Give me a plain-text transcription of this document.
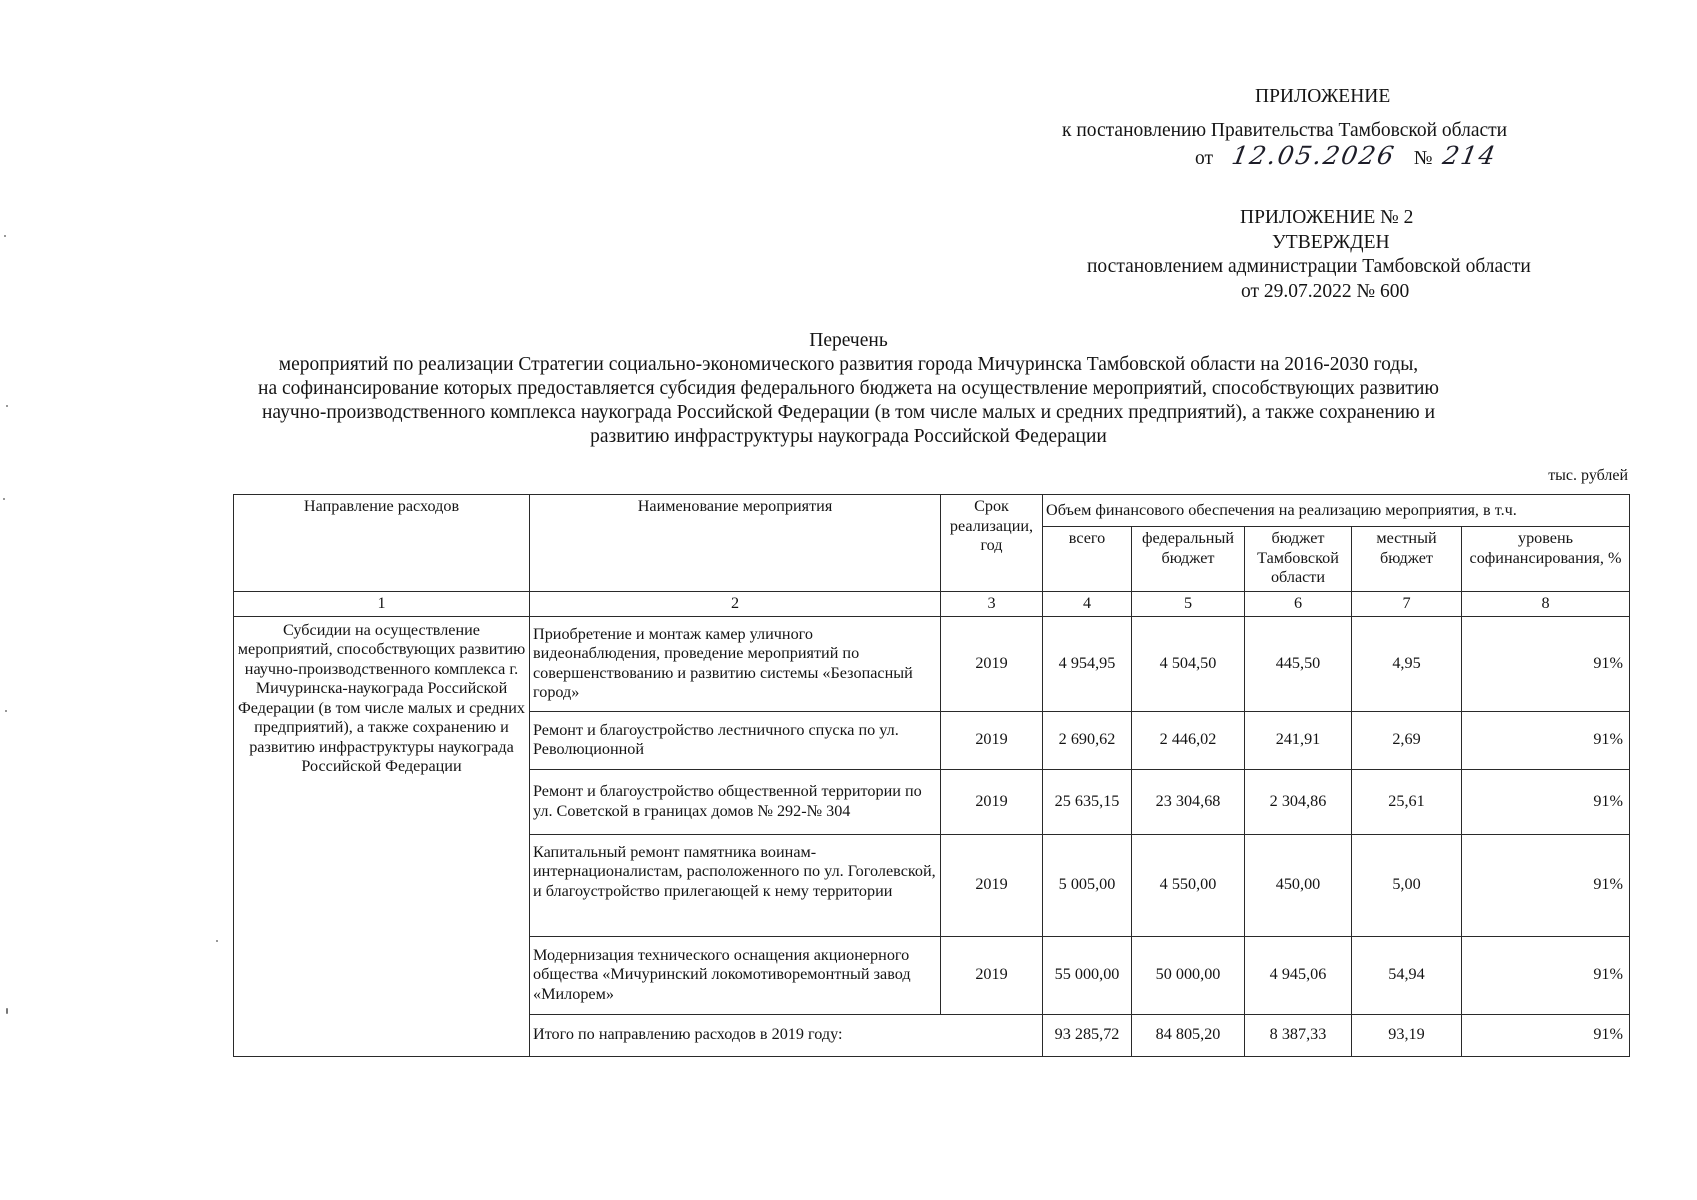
ПРИЛОЖЕНИЕ
к постановлению Правительства Тамбовской области
от 12.05.2026 № 214
ПРИЛОЖЕНИЕ № 2
УТВЕРЖДЕН
постановлением администрации Тамбовской области
от 29.07.2022 № 600
Перечень
мероприятий по реализации Стратегии социально-экономического развития города Мичуринска Тамбовской области на 2016-2030 годы,
на софинансирование которых предоставляется субсидия федерального бюджета на осуществление мероприятий, способствующих развитию
научно-производственного комплекса наукограда Российской Федерации (в том числе малых и средних предприятий), а также сохранению и
развитию инфраструктуры наукограда Российской Федерации
тыс. рублей
Направление расходов	Наименование мероприятия	Срок реализации, год	Объем финансового обеспечения на реализацию мероприятия, в т.ч.				
			всего	федеральный бюджет	бюджет Тамбовской области	местный бюджет	уровень софинансирования, %
1	2	3	4	5	6	7	8
Субсидии на осуществление мероприятий, способствующих развитию научно-производственного комплекса г. Мичуринска-наукограда Российской Федерации (в том числе малых и средних предприятий), а также сохранению и развитию инфраструктуры наукограда Российской Федерации	Приобретение и монтаж камер уличного видеонаблюдения, проведение мероприятий по совершенствованию и развитию системы «Безопасный город»	2019	4 954,95	4 504,50	445,50	4,95	91%
	Ремонт и благоустройство лестничного спуска по ул. Революционной	2019	2 690,62	2 446,02	241,91	2,69	91%
	Ремонт и благоустройство общественной территории по ул. Советской в границах домов № 292-№ 304	2019	25 635,15	23 304,68	2 304,86	25,61	91%
	Капитальный ремонт памятника воинам-интернационалистам, расположенного по ул. Гоголевской, и благоустройство прилегающей к нему территории	2019	5 005,00	4 550,00	450,00	5,00	91%
	Модернизация технического оснащения акционерного общества «Мичуринский локомотиворемонтный завод «Милорем»	2019	55 000,00	50 000,00	4 945,06	54,94	91%
	Итого по направлению расходов в 2019 году:		93 285,72	84 805,20	8 387,33	93,19	91%
